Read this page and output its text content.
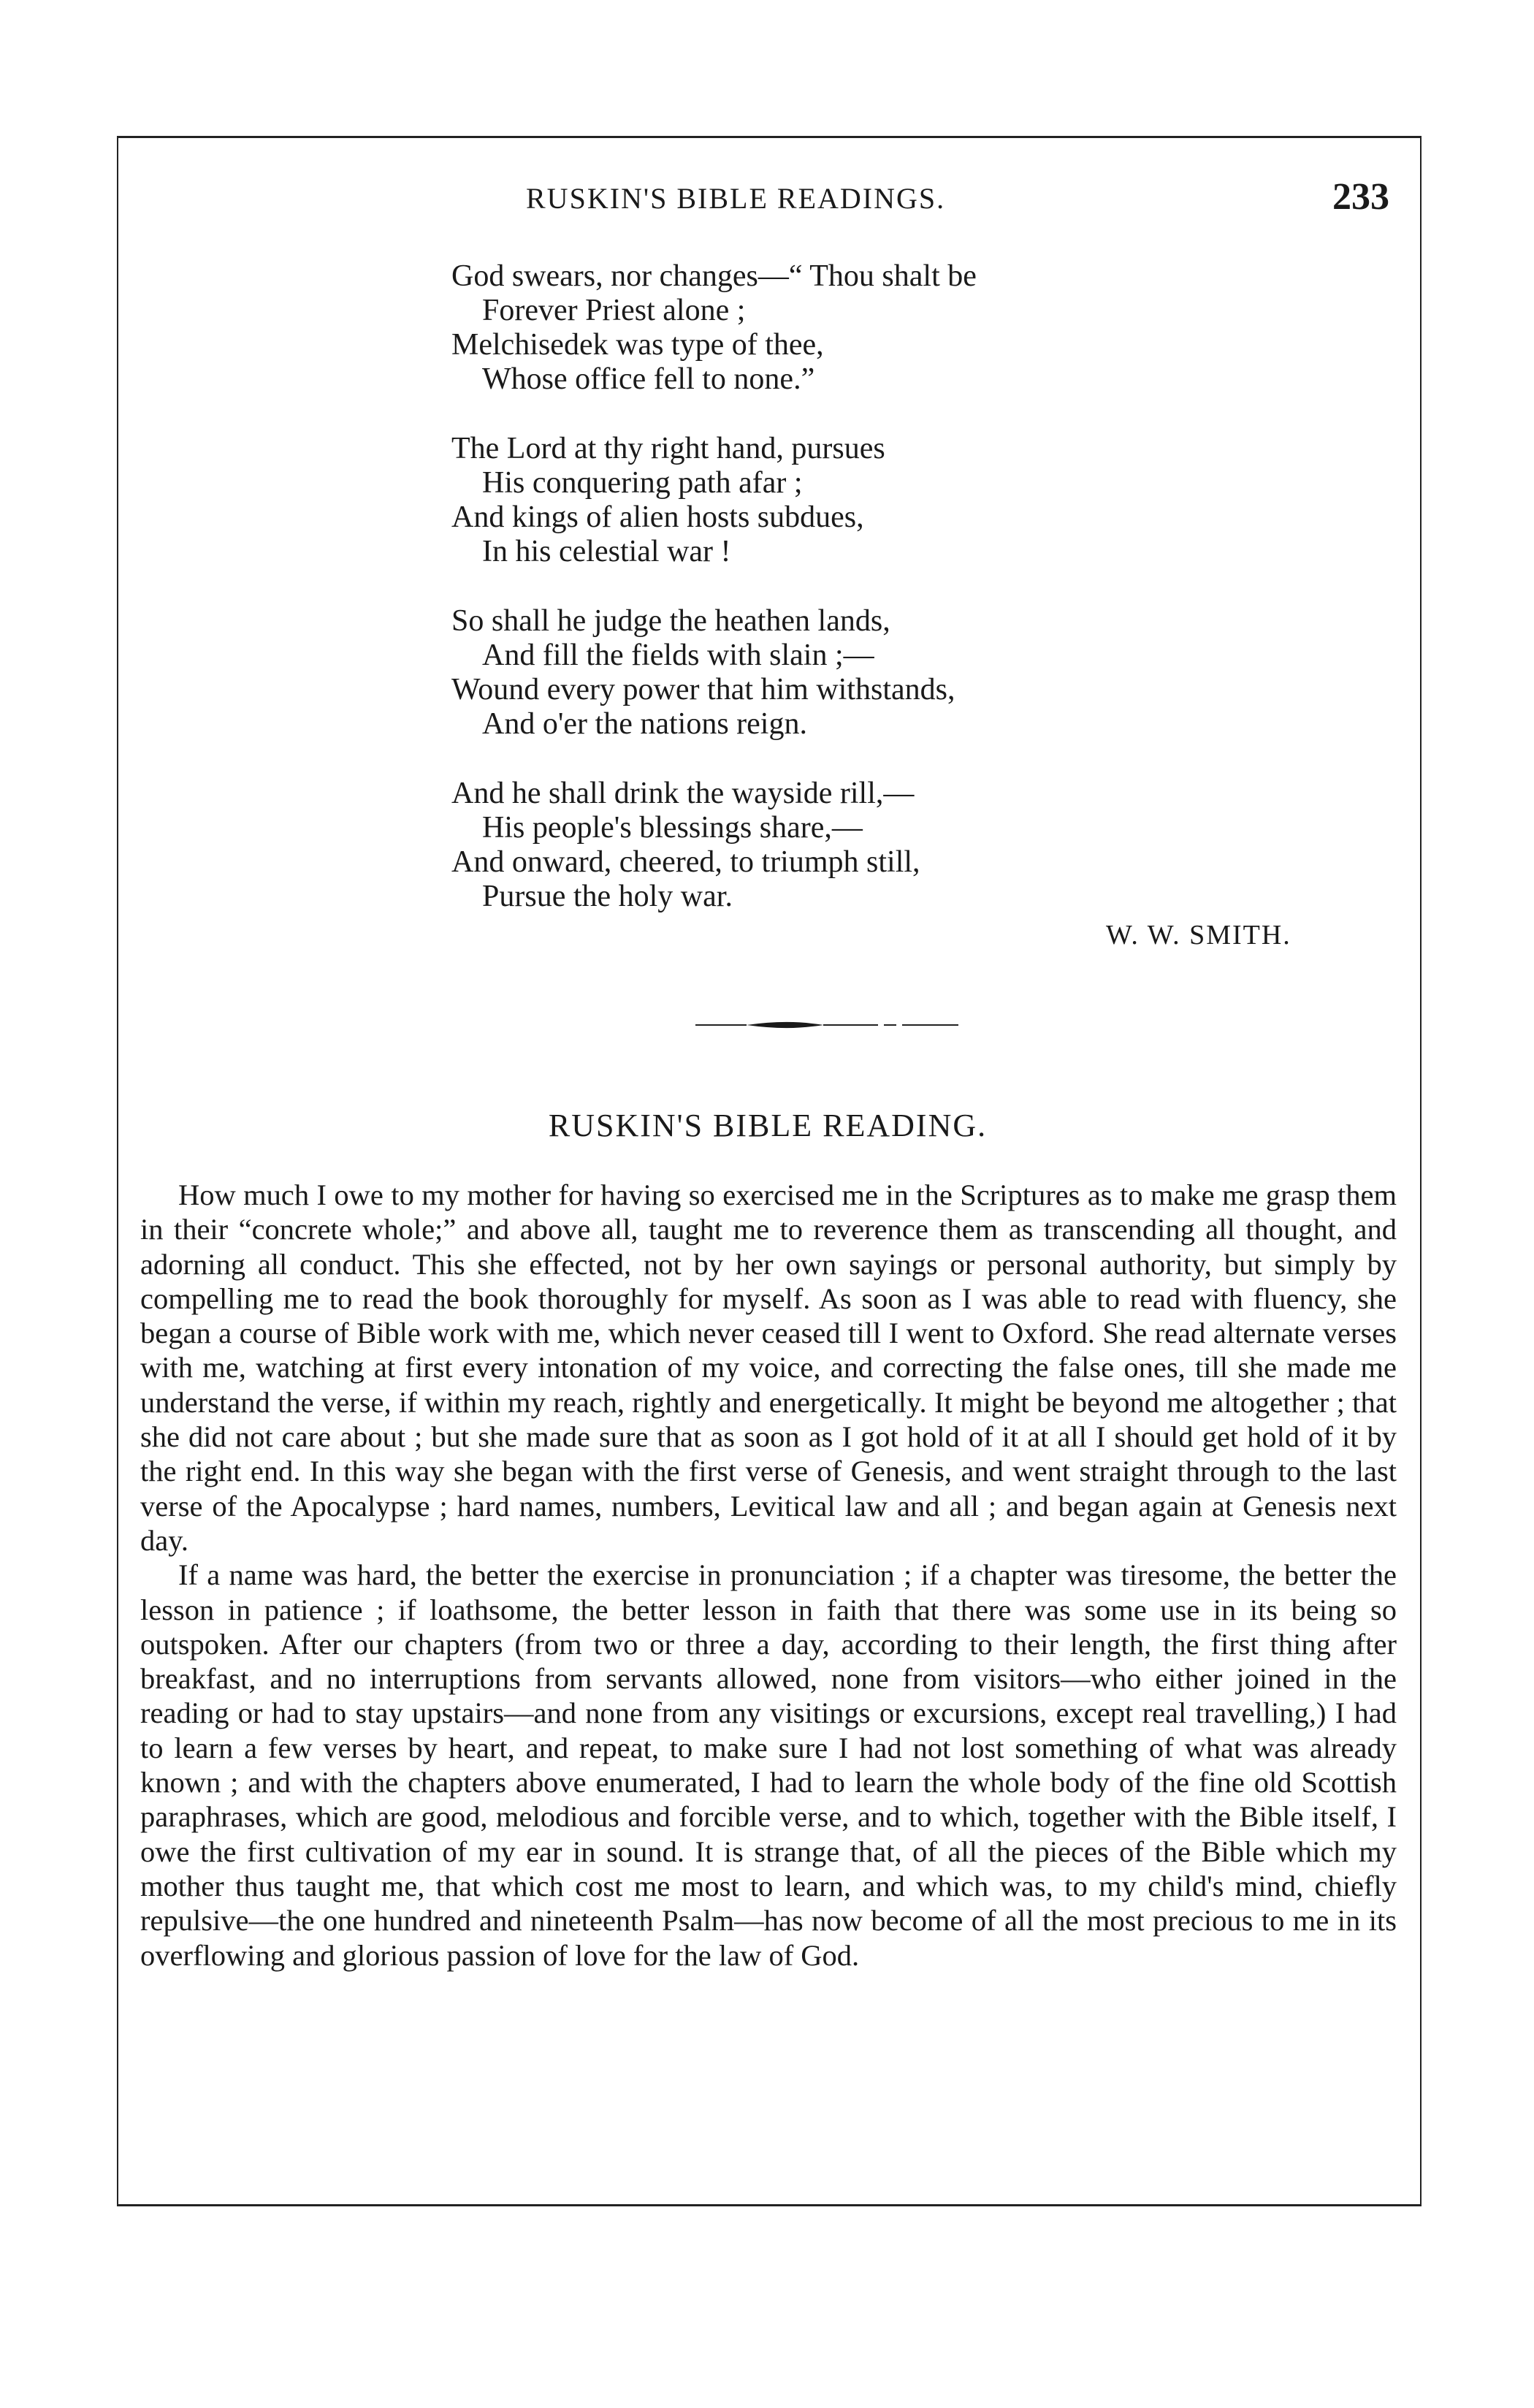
RUSKIN'S BIBLE READINGS.	233
God swears, nor changes—“ Thou shalt be
Forever Priest alone ;
Melchisedek was type of thee,
Whose office fell to none.”
The Lord at thy right hand, pursues
His conquering path afar ;
And kings of alien hosts subdues,
In his celestial war !
So shall he judge the heathen lands,
And fill the fields with slain ;—
Wound every power that him withstands,
And o'er the nations reign.
And he shall drink the wayside rill,—
His people's blessings share,—
And onward, cheered, to triumph still,
Pursue the holy war.
W. W. SMITH.
RUSKIN'S BIBLE READING.

How much I owe to my mother for having so exercised me in the Scriptures as to make me grasp them in their “concrete whole;” and above all, taught me to reverence them as transcending all thought, and adorning all conduct. This she effected, not by her own sayings or personal authority, but simply by compelling me to read the book thoroughly for myself. As soon as I was able to read with fluency, she began a course of Bible work with me, which never ceased till I went to Oxford. She read alternate verses with me, watching at first every intonation of my voice, and correcting the false ones, till she made me understand the verse, if within my reach, rightly and energetically. It might be beyond me altogether ; that she did not care about ; but she made sure that as soon as I got hold of it at all I should get hold of it by the right end. In this way she began with the first verse of Genesis, and went straight through to the last verse of the Apocalypse ; hard names, numbers, Levitical law and all ; and began again at Genesis next day.

If a name was hard, the better the exercise in pronunciation ; if a chapter was tiresome, the better the lesson in patience ; if loathsome, the better lesson in faith that there was some use in its being so outspoken. After our chapters (from two or three a day, according to their length, the first thing after breakfast, and no interruptions from servants allowed, none from visitors—who either joined in the reading or had to stay upstairs—and none from any visitings or excursions, except real travelling,) I had to learn a few verses by heart, and repeat, to make sure I had not lost something of what was already known ; and with the chapters above enumerated, I had to learn the whole body of the fine old Scottish paraphrases, which are good, melodious and forcible verse, and to which, together with the Bible itself, I owe the first cultivation of my ear in sound. It is strange that, of all the pieces of the Bible which my mother thus taught me, that which cost me most to learn, and which was, to my child's mind, chiefly repulsive—the one hundred and nineteenth Psalm—has now become of all the most precious to me in its overflowing and glorious passion of love for the law of God.
